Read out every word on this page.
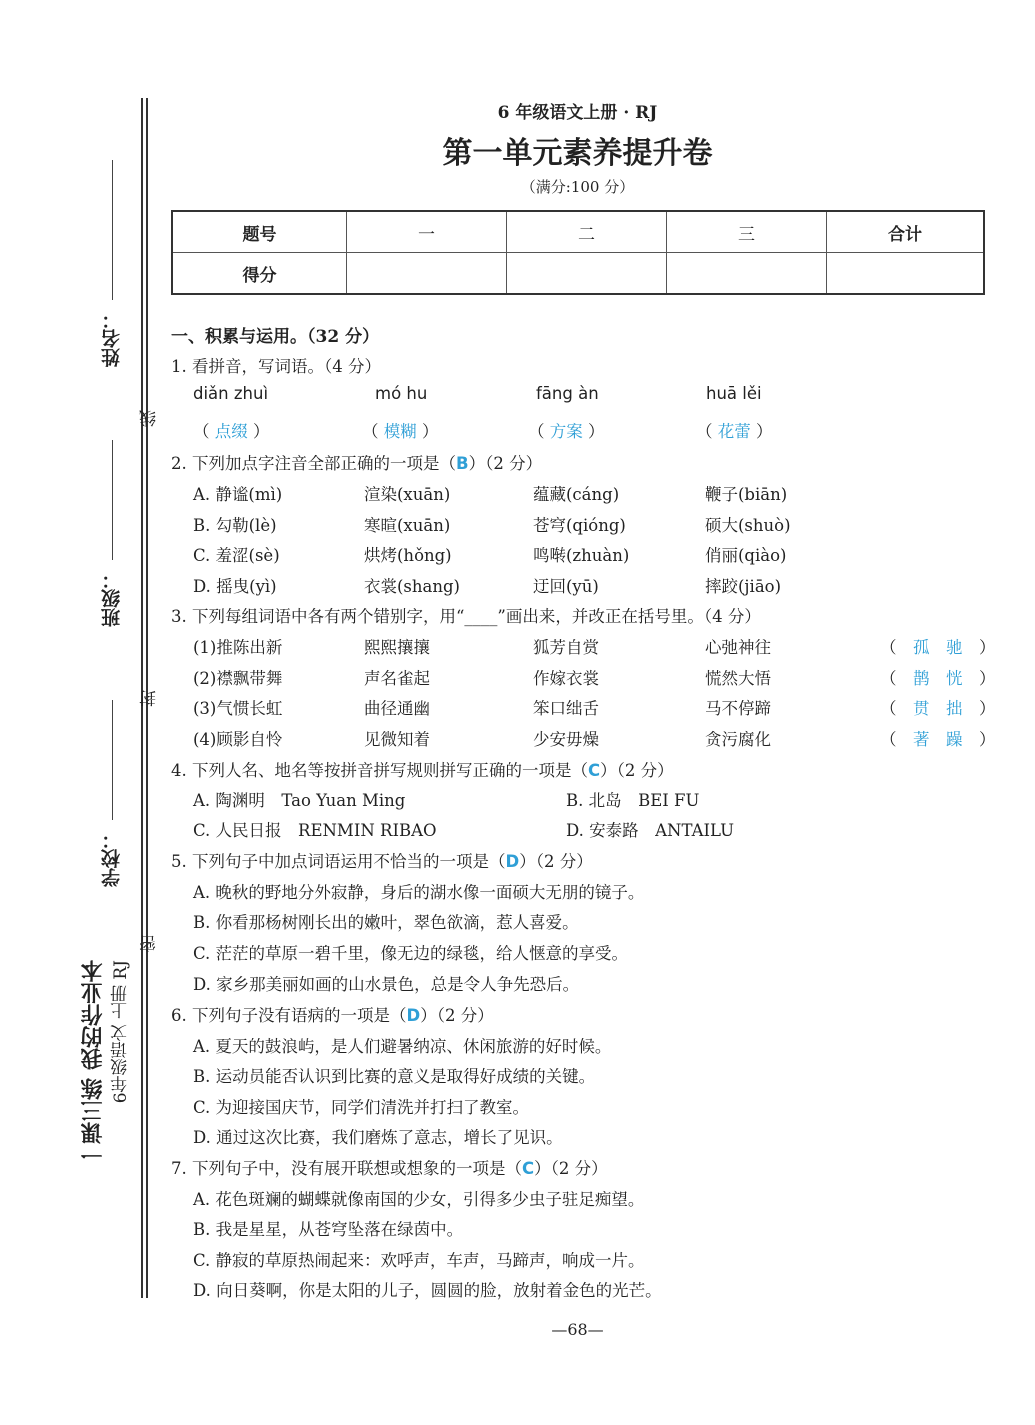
姓名：
班级：
学校：
线
封
密
一课三练 我的作业本 6年级语文 上册 RJ
6 年级语文上册 · RJ
第一单元素养提升卷
（满分:100 分）
题号	一	二	三	合计
得分				
一、积累与运用。（32 分）
1. 看拼音，写词语。（4 分）
diǎn zhuì	mó hu	fāng àn	huā lěi
（ 点缀 ）	（ 模糊 ）	（ 方案 ）	（ 花蕾 ）
2. 下列加点字注音全部正确的一项是（B）（2 分）
A. 静谧(mì)	渲染(xuān)	蕴藏(cáng)	鞭子(biān)
B. 勾勒(lè)	寒暄(xuān)	苍穹(qióng)	硕大(shuò)
C. 羞涩(sè)	烘烤(hǒng)	鸣啭(zhuàn)	俏丽(qiào)
D. 摇曳(yì)	衣裳(shang)	迂回(yū)	摔跤(jiāo)
3. 下列每组词语中各有两个错别字，用“____”画出来，并改正在括号里。（4 分）
(1)推陈出新	熙熙攘攘	狐芳自赏	心弛神往	（　孤　 驰　）
(2)襟飘带舞	声名雀起	作嫁衣裳	慌然大悟	（　鹊　 恍　）
(3)气惯长虹	曲径通幽	笨口绌舌	马不停蹄	（　贯　 拙　）
(4)顾影自怜	见微知着	少安毋燥	贪污腐化	（　著　 躁　）
4. 下列人名、地名等按拼音拼写规则拼写正确的一项是（C）（2 分）
A. 陶渊明　Tao Yuan Ming	B. 北岛　BEI FU
C. 人民日报　RENMIN RIBAO	D. 安泰路　ANTAILU
5. 下列句子中加点词语运用不恰当的一项是（D）（2 分）
A. 晚秋的野地分外寂静，身后的湖水像一面硕大无朋的镜子。
B. 你看那杨树刚长出的嫩叶，翠色欲滴，惹人喜爱。
C. 茫茫的草原一碧千里，像无边的绿毯，给人惬意的享受。
D. 家乡那美丽如画的山水景色，总是令人争先恐后。
6. 下列句子没有语病的一项是（D）（2 分）
A. 夏天的鼓浪屿，是人们避暑纳凉、休闲旅游的好时候。
B. 运动员能否认识到比赛的意义是取得好成绩的关键。
C. 为迎接国庆节，同学们清洗并打扫了教室。
D. 通过这次比赛，我们磨炼了意志，增长了见识。
7. 下列句子中，没有展开联想或想象的一项是（C）（2 分）
A. 花色斑斓的蝴蝶就像南国的少女，引得多少虫子驻足痴望。
B. 我是星星，从苍穹坠落在绿茵中。
C. 静寂的草原热闹起来：欢呼声，车声，马蹄声，响成一片。
D. 向日葵啊，你是太阳的儿子，圆圆的脸，放射着金色的光芒。
—68—
